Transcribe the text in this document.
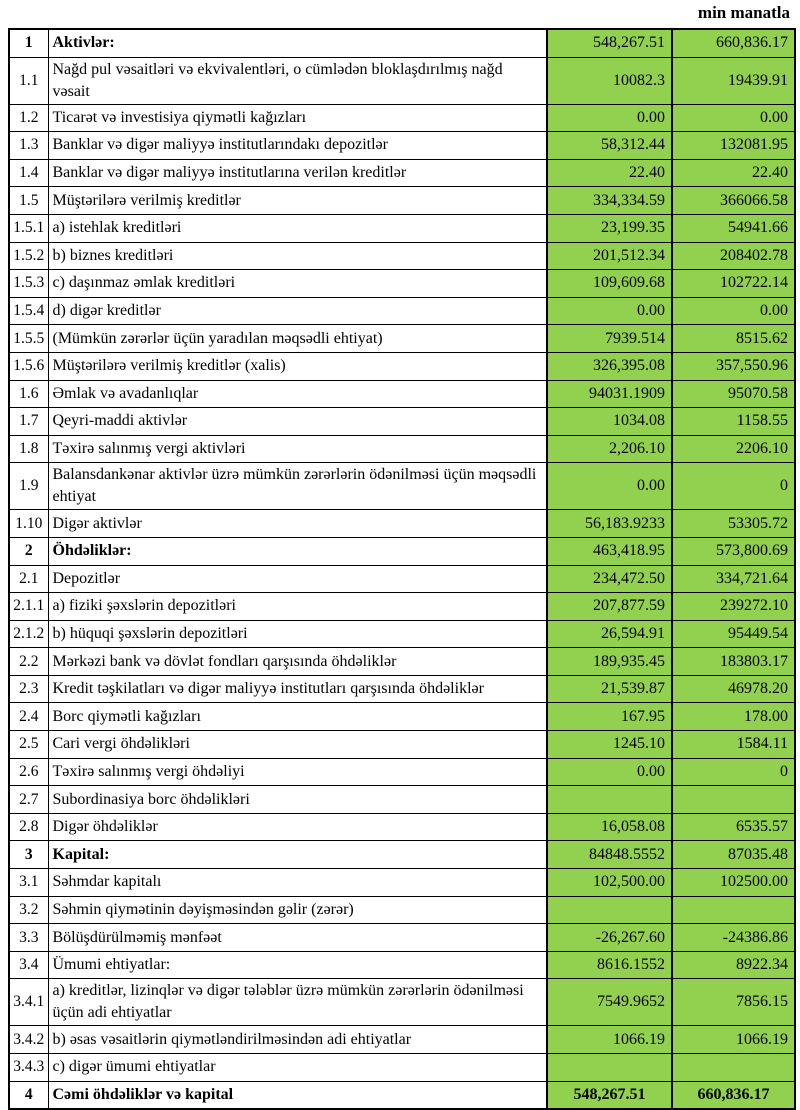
min manatla
1	Aktivlər:	548,267.51	660,836.17
1.1	Nağd pul vəsaitləri və ekvivalentləri, o cümlədən bloklaşdırılmış nağd vəsait	10082.3	19439.91
1.2	Ticarət və investisiya qiymətli kağızları	0.00	0.00
1.3	Banklar və digər maliyyə institutlarındakı depozitlər	58,312.44	132081.95
1.4	Banklar və digər maliyyə institutlarına verilən kreditlər	22.40	22.40
1.5	Müştərilərə verilmiş kreditlər	334,334.59	366066.58
1.5.1	a) istehlak kreditləri	23,199.35	54941.66
1.5.2	b) biznes kreditləri	201,512.34	208402.78
1.5.3	c) daşınmaz əmlak kreditləri	109,609.68	102722.14
1.5.4	d) digər kreditlər	0.00	0.00
1.5.5	(Mümkün zərərlər üçün yaradılan məqsədli ehtiyat)	7939.514	8515.62
1.5.6	Müştərilərə verilmiş kreditlər (xalis)	326,395.08	357,550.96
1.6	Əmlak və avadanlıqlar	94031.1909	95070.58
1.7	Qeyri-maddi aktivlər	1034.08	1158.55
1.8	Təxirə salınmış vergi aktivləri	2,206.10	2206.10
1.9	Balansdankənar aktivlər üzrə mümkün zərərlərin ödənilməsi üçün məqsədli ehtiyat	0.00	0
1.10	Digər aktivlər	56,183.9233	53305.72
2	Öhdəliklər:	463,418.95	573,800.69
2.1	Depozitlər	234,472.50	334,721.64
2.1.1	a) fiziki şəxslərin depozitləri	207,877.59	239272.10
2.1.2	b) hüquqi şəxslərin depozitləri	26,594.91	95449.54
2.2	Mərkəzi bank və dövlət fondları qarşısında öhdəliklər	189,935.45	183803.17
2.3	Kredit təşkilatları və digər maliyyə institutları qarşısında öhdəliklər	21,539.87	46978.20
2.4	Borc qiymətli kağızları	167.95	178.00
2.5	Cari vergi öhdəlikləri	1245.10	1584.11
2.6	Təxirə salınmış vergi öhdəliyi	0.00	0
2.7	Subordinasiya borc öhdəlikləri		
2.8	Digər öhdəliklər	16,058.08	6535.57
3	Kapital:	84848.5552	87035.48
3.1	Səhmdar kapitalı	102,500.00	102500.00
3.2	Səhmin qiymətinin dəyişməsindən gəlir (zərər)		
3.3	Bölüşdürülməmiş mənfəət	-26,267.60	-24386.86
3.4	Ümumi ehtiyatlar:	8616.1552	8922.34
3.4.1	a) kreditlər, lizinqlər və digər tələblər üzrə mümkün zərərlərin ödənilməsi üçün adi ehtiyatlar	7549.9652	7856.15
3.4.2	b) əsas vəsaitlərin qiymətləndirilməsindən adi ehtiyatlar	1066.19	1066.19
3.4.3	c) digər ümumi ehtiyatlar		
4	Cəmi öhdəliklər və kapital	548,267.51	660,836.17
